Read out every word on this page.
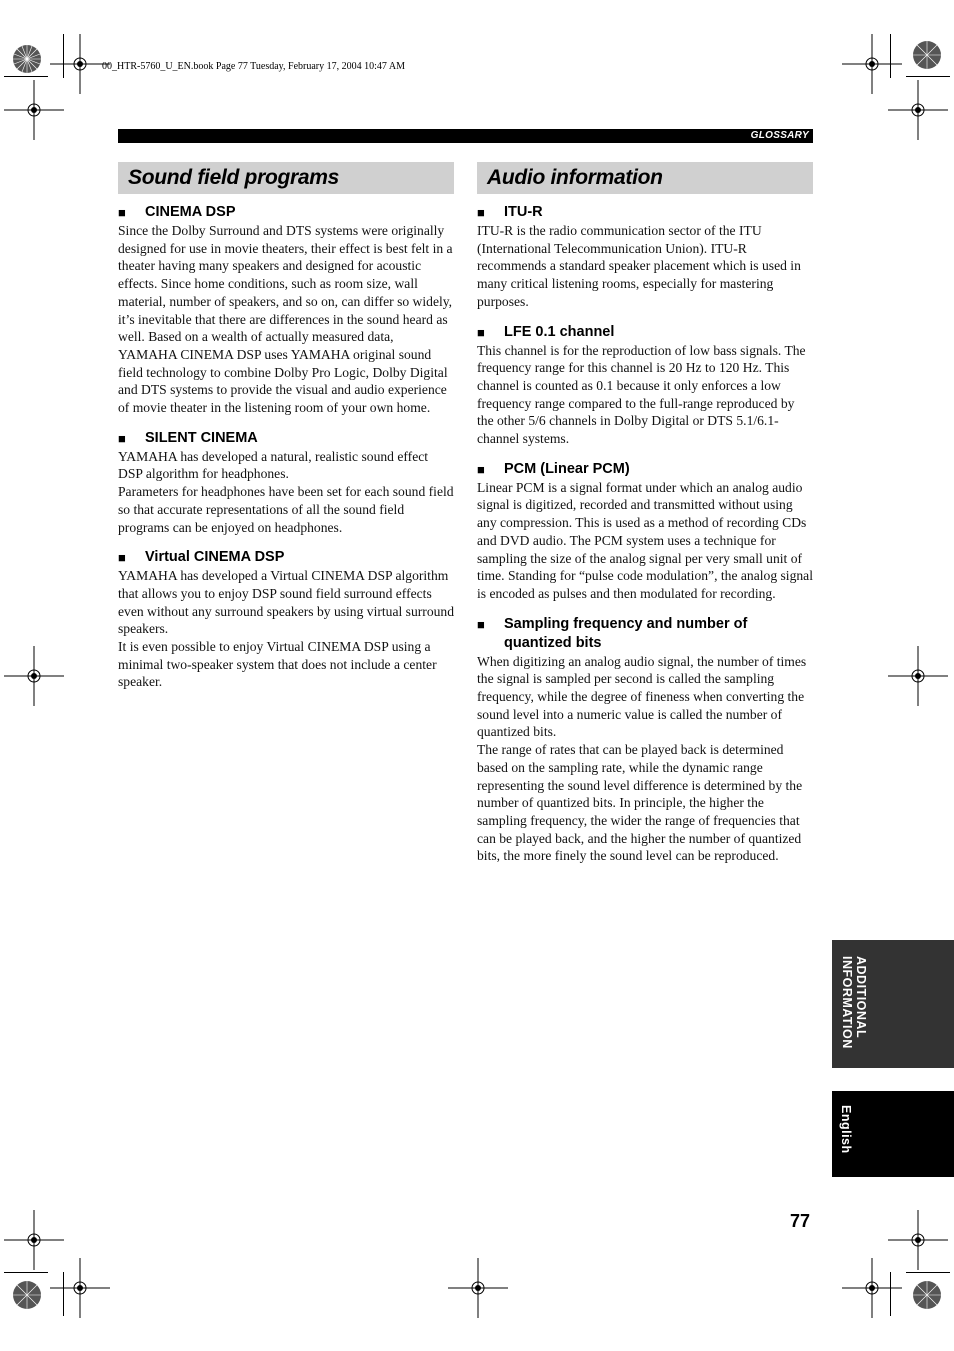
00_HTR-5760_U_EN.book Page 77 Tuesday, February 17, 2004 10:47 AM
GLOSSARY
Sound field programs
■	CINEMA DSP

Since the Dolby Surround and DTS systems were originally designed for use in movie theaters, their effect is best felt in a theater having many speakers and designed for acoustic effects. Since home conditions, such as room size, wall material, number of speakers, and so on, can differ so widely, it’s inevitable that there are differences in the sound heard as well. Based on a wealth of actually measured data, YAMAHA CINEMA DSP uses YAMAHA original sound field technology to combine Dolby Pro Logic, Dolby Digital and DTS systems to provide the visual and audio experience of movie theater in the listening room of your own home.

■	SILENT CINEMA

YAMAHA has developed a natural, realistic sound effect DSP algorithm for headphones.

Parameters for headphones have been set for each sound field so that accurate representations of all the sound field programs can be enjoyed on headphones.

■	Virtual CINEMA DSP

YAMAHA has developed a Virtual CINEMA DSP algorithm that allows you to enjoy DSP sound field surround effects even without any surround speakers by using virtual surround speakers.

It is even possible to enjoy Virtual CINEMA DSP using a minimal two-speaker system that does not include a center speaker.

Audio information
■	ITU-R

ITU-R is the radio communication sector of the ITU (International Telecommunication Union). ITU-R recommends a standard speaker placement which is used in many critical listening rooms, especially for mastering purposes.

■	LFE 0.1 channel

This channel is for the reproduction of low bass signals. The frequency range for this channel is 20 Hz to 120 Hz. This channel is counted as 0.1 because it only enforces a low frequency range compared to the full-range reproduced by the other 5/6 channels in Dolby Digital or DTS 5.1/6.1-channel systems.

■	PCM (Linear PCM)

Linear PCM is a signal format under which an analog audio signal is digitized, recorded and transmitted without using any compression. This is used as a method of recording CDs and DVD audio. The PCM system uses a technique for sampling the size of the analog signal per very small unit of time. Standing for “pulse code modulation”, the analog signal is encoded as pulses and then modulated for recording.

■	Sampling frequency and number of quantized bits

When digitizing an analog audio signal, the number of times the signal is sampled per second is called the sampling frequency, while the degree of fineness when converting the sound level into a numeric value is called the number of quantized bits.

The range of rates that can be played back is determined based on the sampling rate, while the dynamic range representing the sound level difference is determined by the number of quantized bits. In principle, the higher the sampling frequency, the wider the range of frequencies that can be played back, and the higher the number of quantized bits, the more finely the sound level can be reproduced.

ADDITIONAL INFORMATION
English
77
